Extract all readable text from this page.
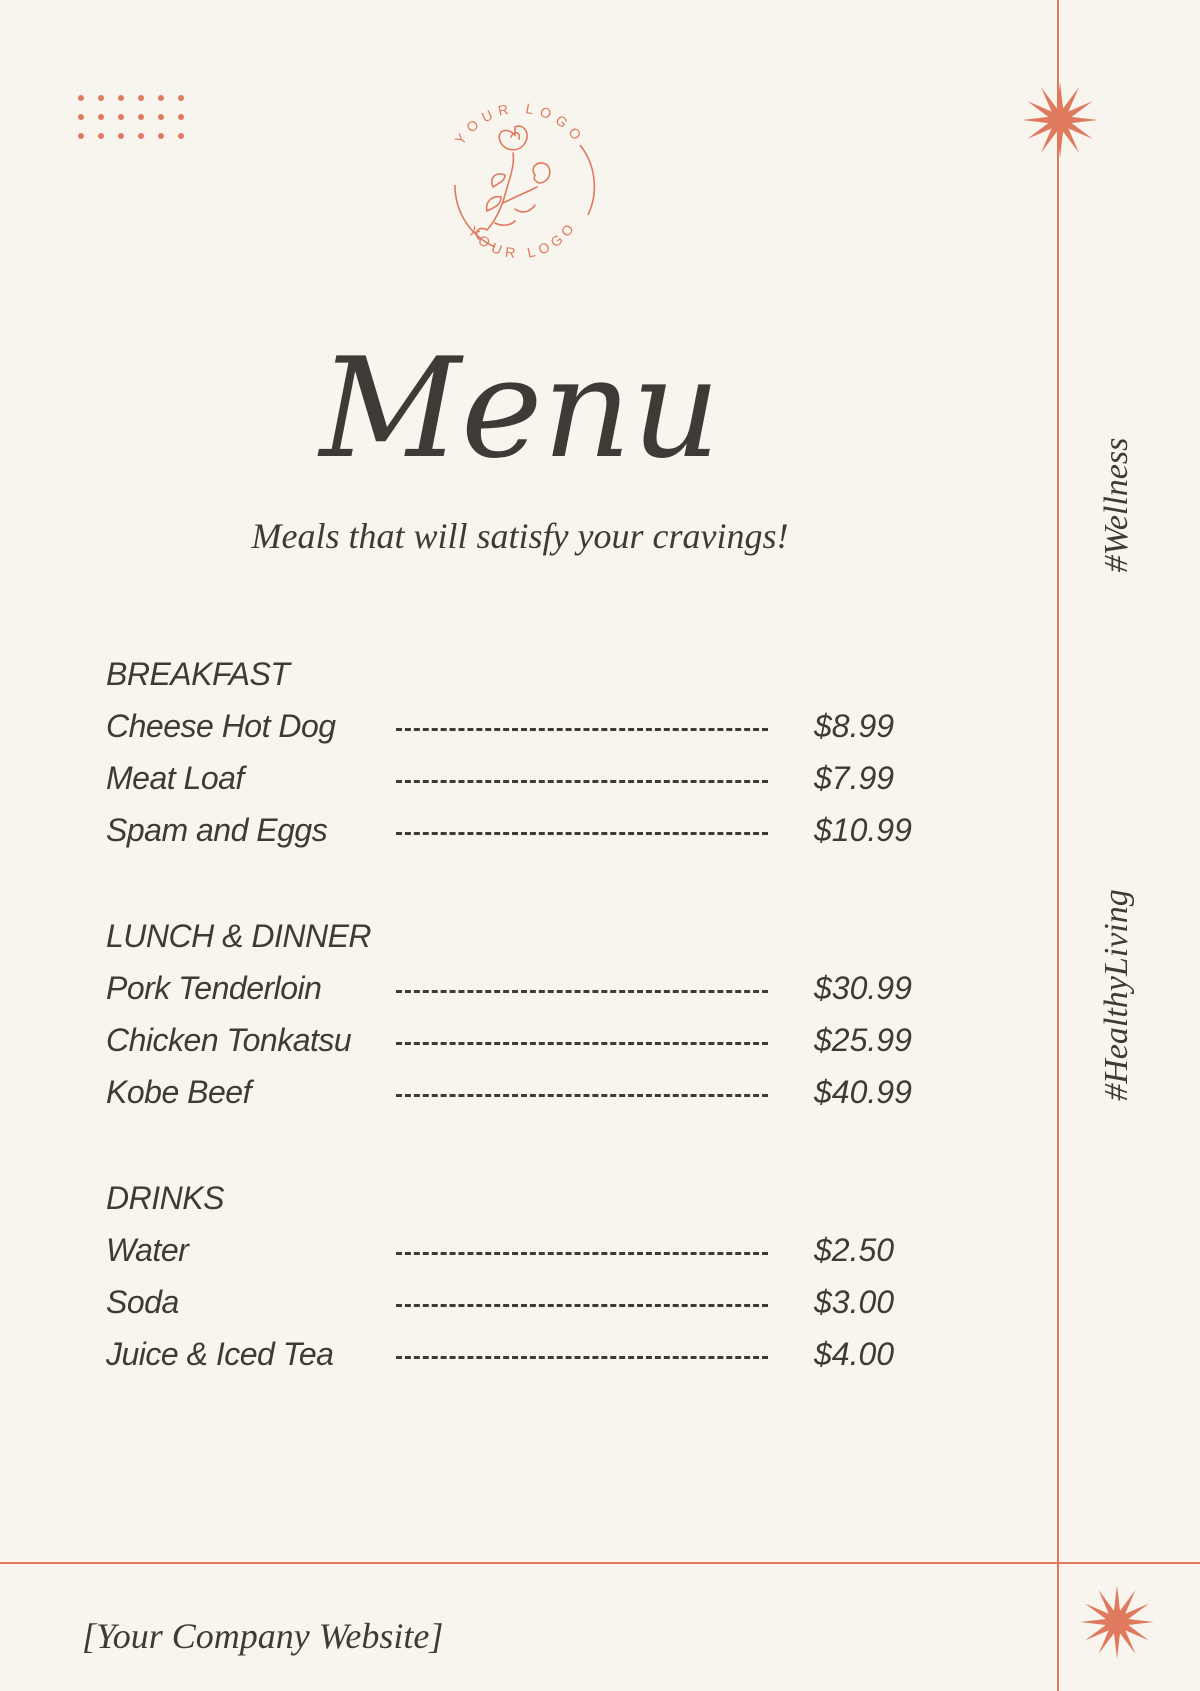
YOUR LOGO
YOUR LOGO
Menu
Meals that will satisfy your cravings!
BREAKFAST
Cheese Hot Dog	$8.99
Meat Loaf	$7.99
Spam and Eggs	$10.99
LUNCH & DINNER
Pork Tenderloin	$30.99
Chicken Tonkatsu	$25.99
Kobe Beef	$40.99
DRINKS
Water	$2.50
Soda	$3.00
Juice & Iced Tea	$4.00
#Wellness
#HealthyLiving
[Your Company Website]
